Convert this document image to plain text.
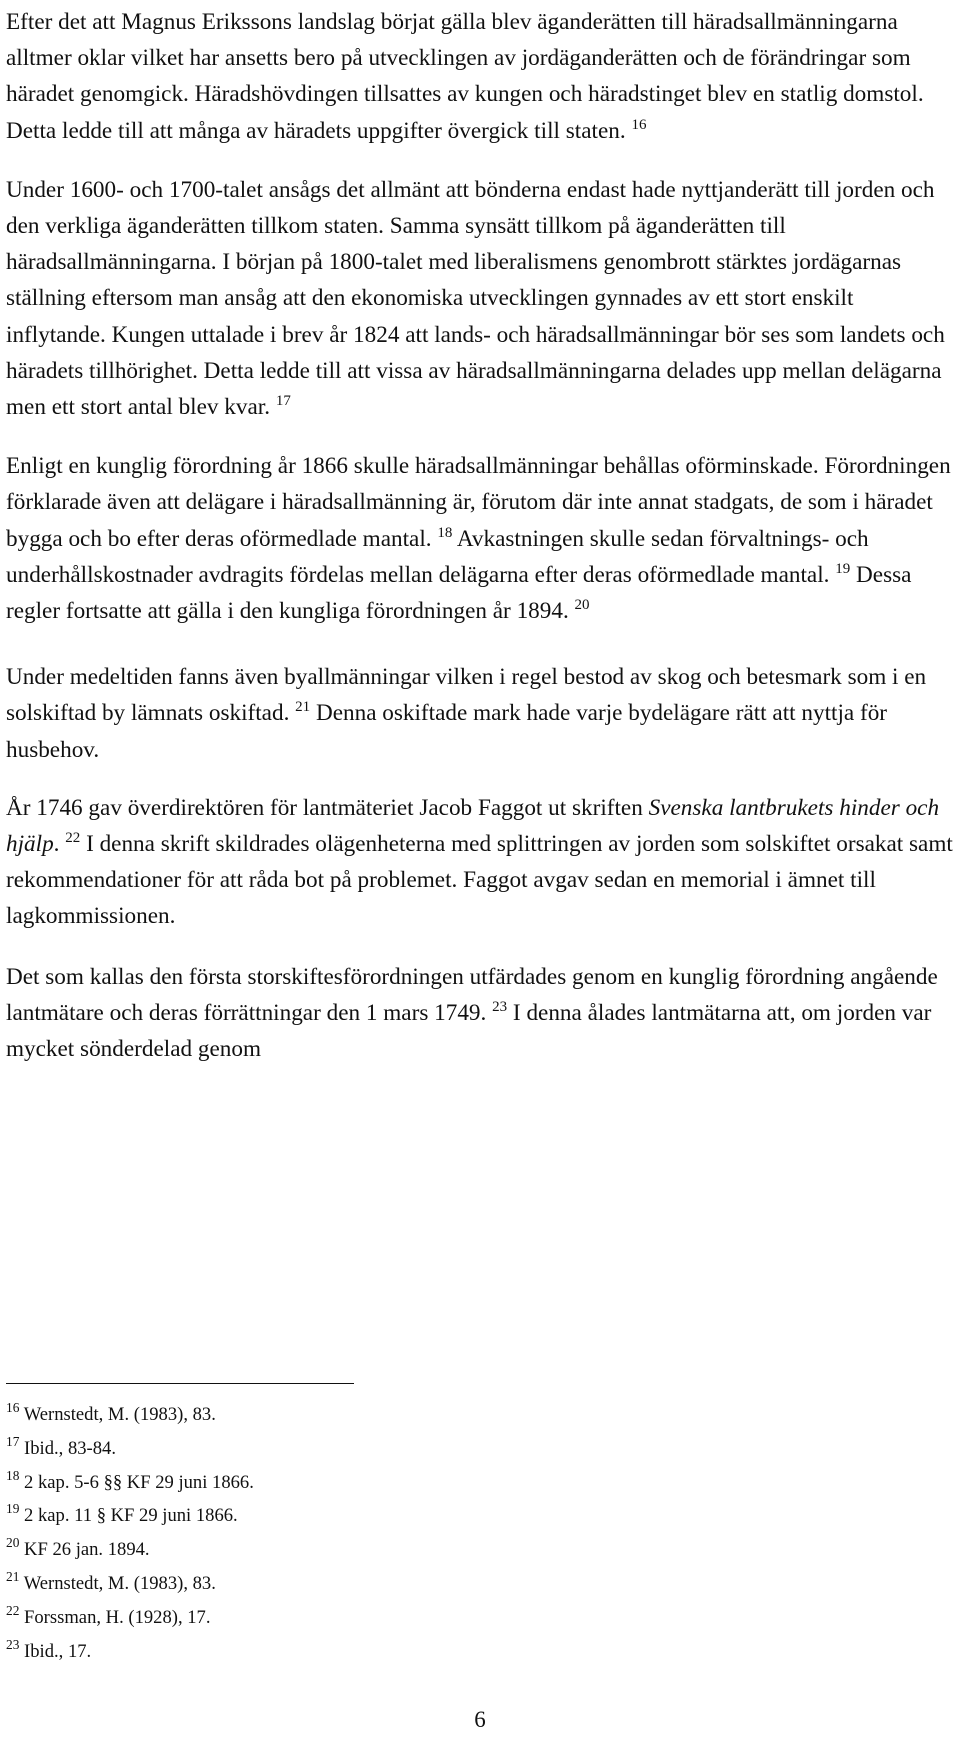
Efter det att Magnus Erikssons landslag börjat gälla blev äganderätten till häradsallmänningarna alltmer oklar vilket har ansetts bero på utvecklingen av jordäganderätten och de förändringar som häradet genomgick. Häradshövdingen tillsattes av kungen och häradstinget blev en statlig domstol. Detta ledde till att många av häradets uppgifter övergick till staten. $^{16}$

Under 1600- och 1700-talet ansågs det allmänt att bönderna endast hade nyttjanderätt till jorden och den verkliga äganderätten tillkom staten. Samma synsätt tillkom på äganderätten till häradsallmänningarna. I början på 1800-talet med liberalismens genombrott stärktes jordägarnas ställning eftersom man ansåg att den ekonomiska utvecklingen gynnades av ett stort enskilt inflytande. Kungen uttalade i brev år 1824 att lands- och häradsallmänningar bör ses som landets och häradets tillhörighet. Detta ledde till att vissa av häradsallmänningarna delades upp mellan delägarna men ett stort antal blev kvar. $^{17}$

Enligt en kunglig förordning år 1866 skulle häradsallmänningar behållas oförminskade. Förordningen förklarade även att delägare i häradsallmänning är, förutom där inte annat stadgats, de som i häradet bygga och bo efter deras oförmedlade mantal. $^{18}$ Avkastningen skulle sedan förvaltnings- och underhållskostnader avdragits fördelas mellan delägarna efter deras oförmedlade mantal. $^{19}$ Dessa regler fortsatte att gälla i den kungliga förordningen år 1894. $^{20}$

Under medeltiden fanns även byallmänningar vilken i regel bestod av skog och betesmark som i en solskiftad by lämnats oskiftad. $^{21}$ Denna oskiftade mark hade varje bydelägare rätt att nyttja för husbehov.

År 1746 gav överdirektören för lantmäteriet Jacob Faggot ut skriften Svenska lantbrukets hinder och hjälp. $^{22}$ I denna skrift skildrades olägenheterna med splittringen av jorden som solskiftet orsakat samt rekommendationer för att råda bot på problemet. Faggot avgav sedan en memorial i ämnet till lagkommissionen.

Det som kallas den första storskiftesförordningen utfärdades genom en kunglig förordning angående lantmätare och deras förrättningar den 1 mars 1749. $^{23}$ I denna ålades lantmätarna att, om jorden var mycket sönderdelad genom

$^{16}$ Wernstedt, M. (1983), 83.
$^{17}$ Ibid., 83-84.
$^{18}$ 2 kap. 5-6 §§ KF 29 juni 1866.
$^{19}$ 2 kap. 11 § KF 29 juni 1866.
$^{20}$ KF 26 jan. 1894.
$^{21}$ Wernstedt, M. (1983), 83.
$^{22}$ Forssman, H. (1928), 17.
$^{23}$ Ibid., 17.
6
